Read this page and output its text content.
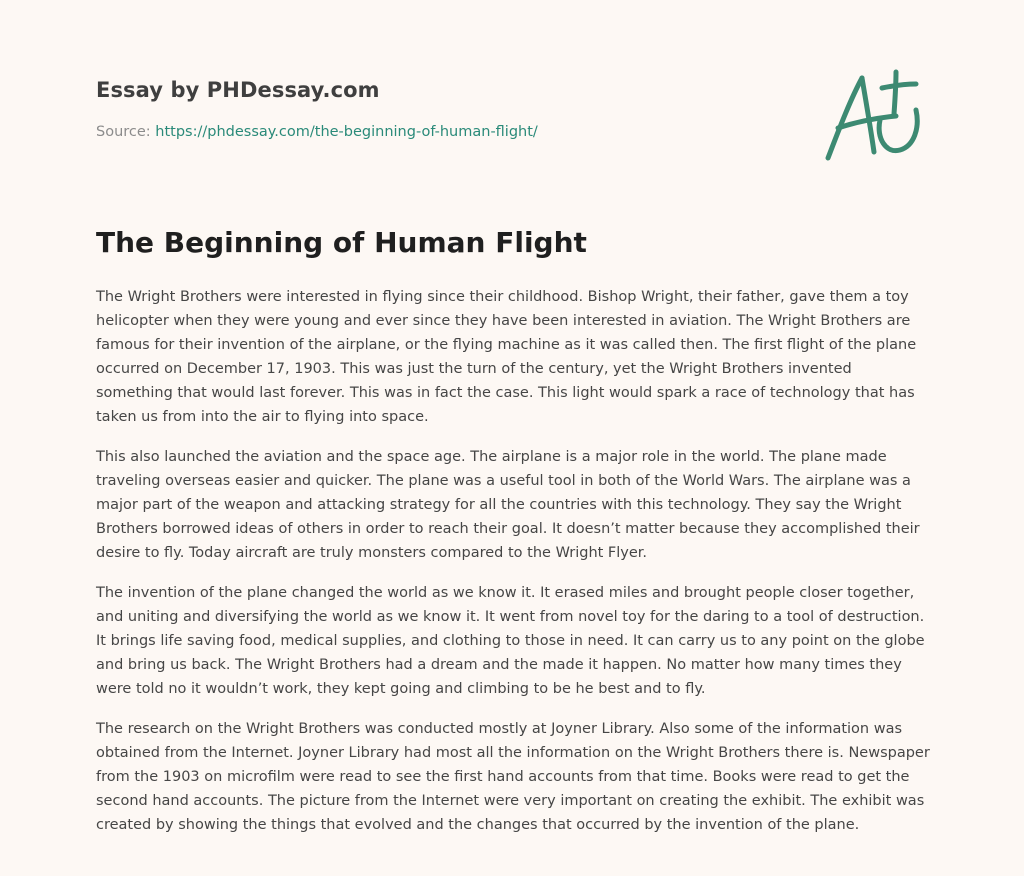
Essay by PHDessay.com
Source: https://phdessay.com/the-beginning-of-human-flight/
The Beginning of Human Flight

The Wright Brothers were interested in flying since their childhood. Bishop Wright, their father, gave them a toy helicopter when they were young and ever since they have been interested in aviation. The Wright Brothers are famous for their invention of the airplane, or the flying machine as it was called then. The first flight of the plane occurred on December 17, 1903. This was just the turn of the century, yet the Wright Brothers invented something that would last forever. This was in fact the case. This light would spark a race of technology that has taken us from into the air to flying into space.

This also launched the aviation and the space age. The airplane is a major role in the world. The plane made traveling overseas easier and quicker. The plane was a useful tool in both of the World Wars. The airplane was a major part of the weapon and attacking strategy for all the countries with this technology. They say the Wright Brothers borrowed ideas of others in order to reach their goal. It doesn’t matter because they accomplished their desire to fly. Today aircraft are truly monsters compared to the Wright Flyer.

The invention of the plane changed the world as we know it. It erased miles and brought people closer together, and uniting and diversifying the world as we know it. It went from novel toy for the daring to a tool of destruction. It brings life saving food, medical supplies, and clothing to those in need. It can carry us to any point on the globe and bring us back. The Wright Brothers had a dream and the made it happen. No matter how many times they were told no it wouldn’t work, they kept going and climbing to be he best and to fly.

The research on the Wright Brothers was conducted mostly at Joyner Library. Also some of the information was obtained from the Internet. Joyner Library had most all the information on the Wright Brothers there is. Newspaper from the 1903 on microfilm were read to see the first hand accounts from that time. Books were read to get the second hand accounts. The picture from the Internet were very important on creating the exhibit. The exhibit was created by showing the things that evolved and the changes that occurred by the invention of the plane.
